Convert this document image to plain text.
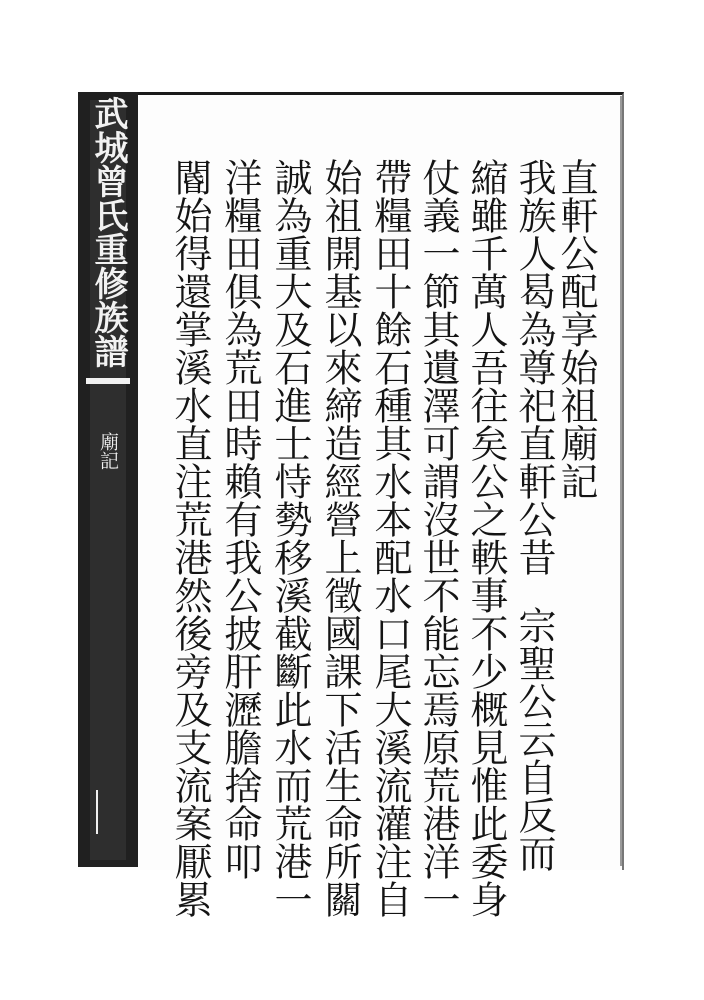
武城曾氏重修族譜
廟記	直軒公配享始祖廟記
我族人曷為尊祀直軒公昔
宗聖公云自反而
縮雖千萬人吾往矣公之軼事不少概見惟此委身
仗義一節其遺澤可謂沒世不能忘焉原荒港洋一
帶糧田十餘石種其水本配水口尾大溪流灌注自
始祖開基以來締造經營上徵國課下活生命所關
誠為重大及石進士恃勢移溪截斷此水而荒港一
洋糧田俱為荒田時賴有我公披肝瀝膽捨命叩
閽始得還掌溪水直注荒港然後旁及支流案厭累
